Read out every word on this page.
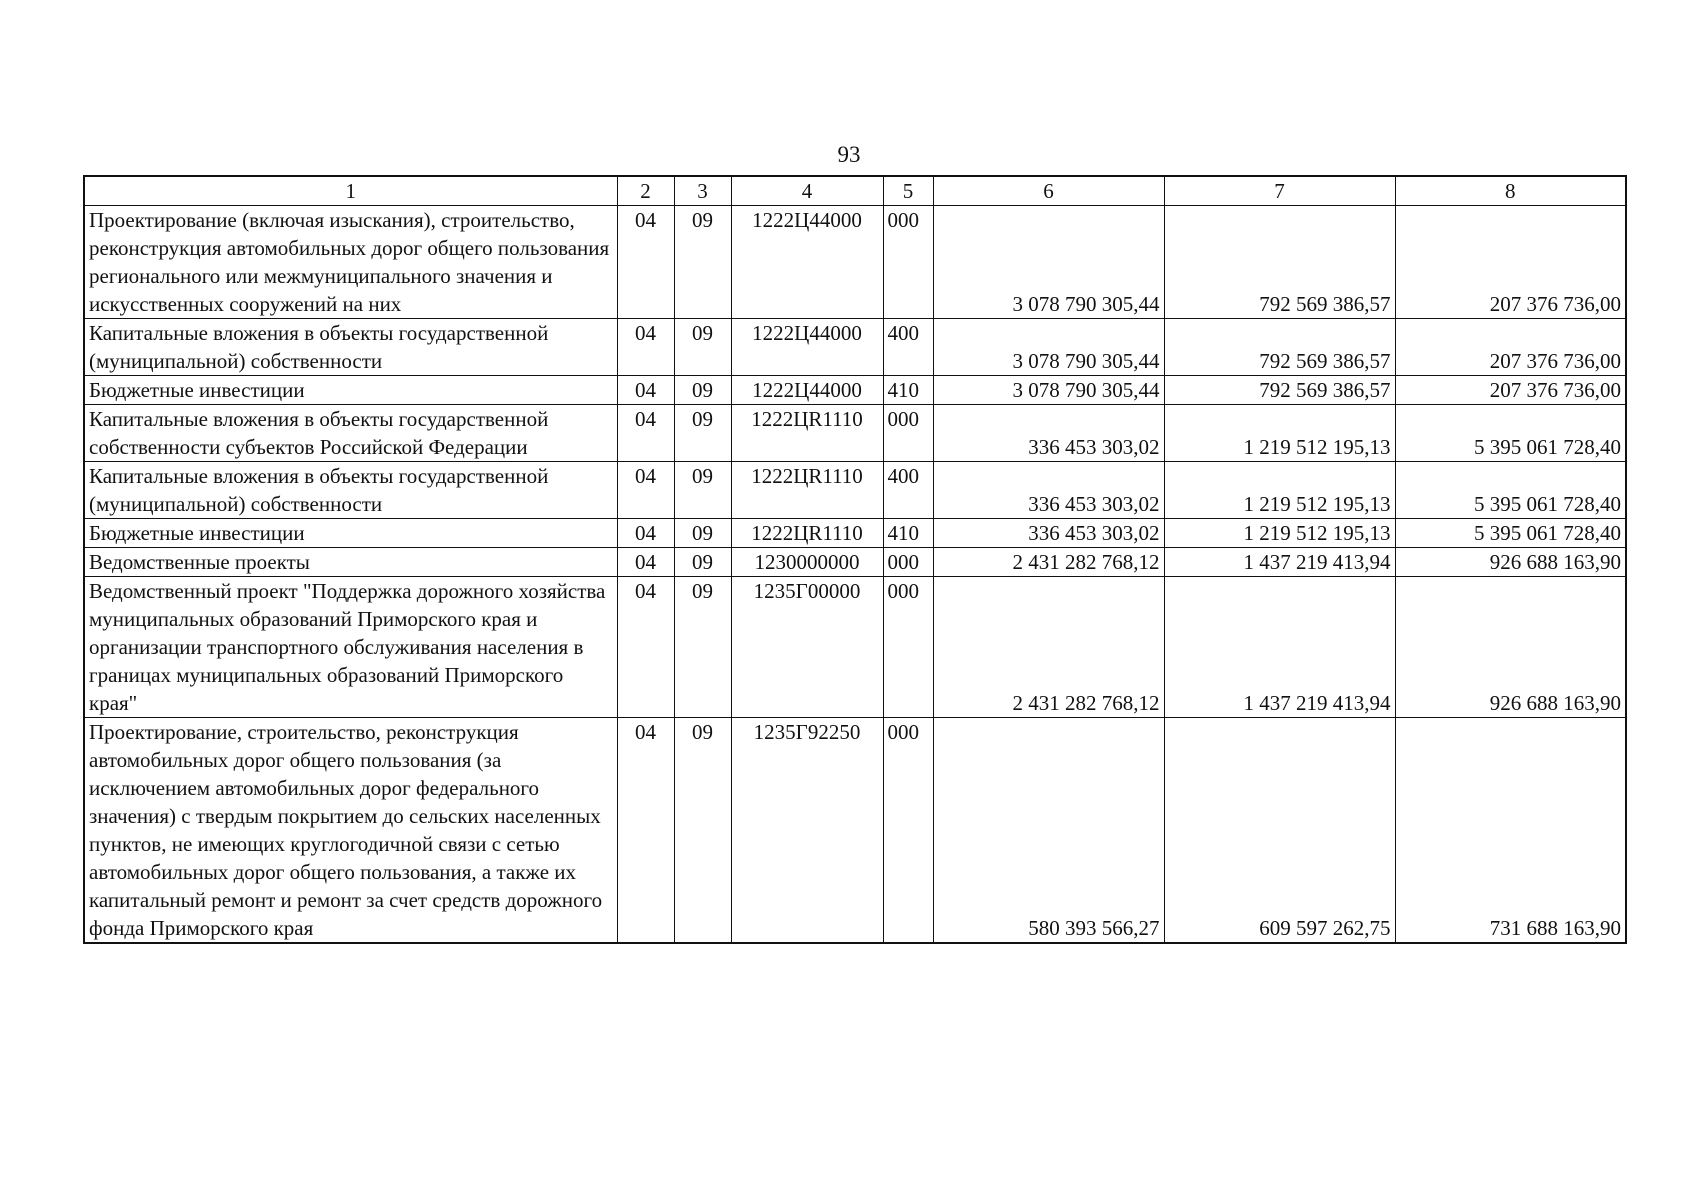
93
1	2	3	4	5	6	7	8
Проектирование (включая изыскания), строительство, реконструкция автомобильных дорог общего пользования регионального или межмуниципального значения и искусственных сооружений на них	04	09	1222Ц44000	000	3 078 790 305,44	792 569 386,57	207 376 736,00
Капитальные вложения в объекты государственной (муниципальной) собственности	04	09	1222Ц44000	400	3 078 790 305,44	792 569 386,57	207 376 736,00
Бюджетные инвестиции	04	09	1222Ц44000	410	3 078 790 305,44	792 569 386,57	207 376 736,00
Капитальные вложения в объекты государственной собственности субъектов Российской Федерации	04	09	1222ЦR1110	000	336 453 303,02	1 219 512 195,13	5 395 061 728,40
Капитальные вложения в объекты государственной (муниципальной) собственности	04	09	1222ЦR1110	400	336 453 303,02	1 219 512 195,13	5 395 061 728,40
Бюджетные инвестиции	04	09	1222ЦR1110	410	336 453 303,02	1 219 512 195,13	5 395 061 728,40
Ведомственные проекты	04	09	1230000000	000	2 431 282 768,12	1 437 219 413,94	926 688 163,90
Ведомственный проект "Поддержка дорожного хозяйства муниципальных образований Приморского края и организации транспортного обслуживания населения в границах муниципальных образований Приморского края"	04	09	1235Г00000	000	2 431 282 768,12	1 437 219 413,94	926 688 163,90
Проектирование, строительство, реконструкция автомобильных дорог общего пользования (за исключением автомобильных дорог федерального значения) с твердым покрытием до сельских населенных пунктов, не имеющих круглогодичной связи с сетью автомобильных дорог общего пользования, а также их капитальный ремонт и ремонт за счет средств дорожного фонда Приморского края	04	09	1235Г92250	000	580 393 566,27	609 597 262,75	731 688 163,90
